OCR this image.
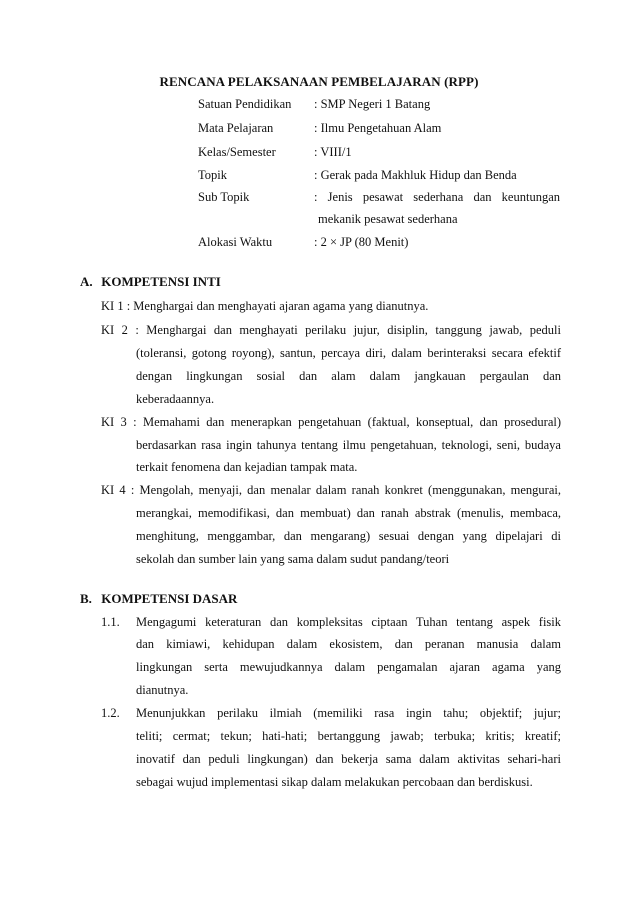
RENCANA PELAKSANAAN PEMBELAJARAN (RPP)
Satuan Pendidikan : SMP Negeri 1 Batang
Mata Pelajaran	: Ilmu Pengetahuan Alam
Kelas/Semester	: VIII/1
Topik	: Gerak pada Makhluk Hidup dan Benda
Sub Topik	: Jenis pesawat sederhana dan keuntungan
mekanik pesawat sederhana
Alokasi Waktu	: 2 × JP (80 Menit)
A. KOMPETENSI INTI
KI 1 : Menghargai dan menghayati ajaran agama yang dianutnya.
KI 2 : Menghargai dan menghayati perilaku jujur, disiplin, tanggung jawab, peduli
(toleransi, gotong royong), santun, percaya diri, dalam berinteraksi secara efektif
dengan lingkungan sosial dan alam dalam jangkauan pergaulan dan
keberadaannya.
KI 3 : Memahami dan menerapkan pengetahuan (faktual, konseptual, dan prosedural)
berdasarkan rasa ingin tahunya tentang ilmu pengetahuan, teknologi, seni, budaya
terkait fenomena dan kejadian tampak mata.
KI 4 : Mengolah, menyaji, dan menalar dalam ranah konkret (menggunakan, mengurai,
merangkai, memodifikasi, dan membuat) dan ranah abstrak (menulis, membaca,
menghitung, menggambar, dan mengarang) sesuai dengan yang dipelajari di
sekolah dan sumber lain yang sama dalam sudut pandang/teori
B. KOMPETENSI DASAR
1.1. Mengagumi keteraturan dan kompleksitas ciptaan Tuhan tentang aspek fisik
dan kimiawi, kehidupan dalam ekosistem, dan peranan manusia dalam
lingkungan serta mewujudkannya dalam pengamalan ajaran agama yang
dianutnya.
1.2. Menunjukkan perilaku ilmiah (memiliki rasa ingin tahu; objektif; jujur;
teliti; cermat; tekun; hati-hati; bertanggung jawab; terbuka; kritis; kreatif;
inovatif dan peduli lingkungan) dan bekerja sama dalam aktivitas sehari-hari
sebagai wujud implementasi sikap dalam melakukan percobaan dan berdiskusi.
